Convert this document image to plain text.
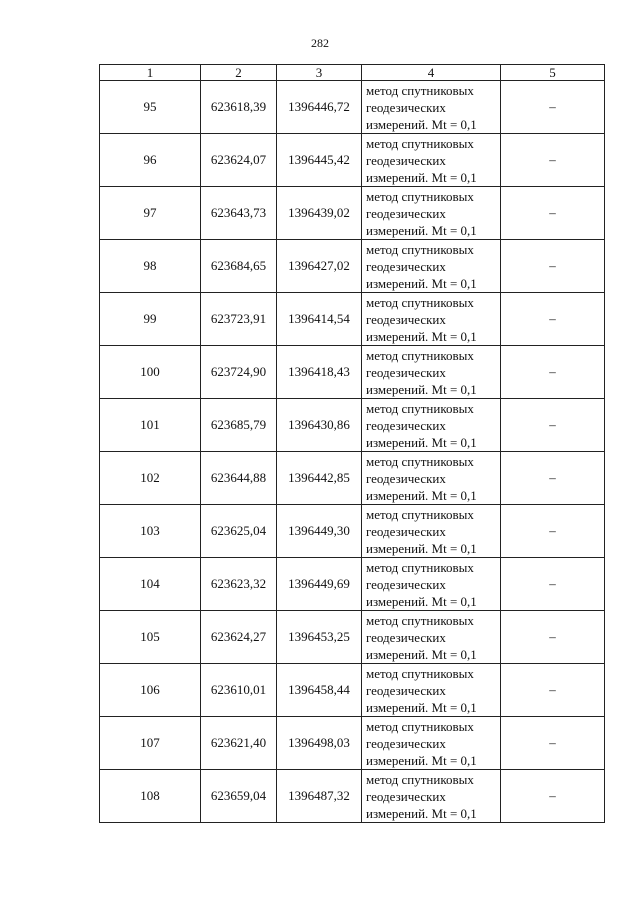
282
1	2	3	4	5
95	623618,39	1396446,72	метод спутниковых
геодезических
измерений. Mt = 0,1	–
96	623624,07	1396445,42	метод спутниковых
геодезических
измерений. Mt = 0,1	–
97	623643,73	1396439,02	метод спутниковых
геодезических
измерений. Mt = 0,1	–
98	623684,65	1396427,02	метод спутниковых
геодезических
измерений. Mt = 0,1	–
99	623723,91	1396414,54	метод спутниковых
геодезических
измерений. Mt = 0,1	–
100	623724,90	1396418,43	метод спутниковых
геодезических
измерений. Mt = 0,1	–
101	623685,79	1396430,86	метод спутниковых
геодезических
измерений. Mt = 0,1	–
102	623644,88	1396442,85	метод спутниковых
геодезических
измерений. Mt = 0,1	–
103	623625,04	1396449,30	метод спутниковых
геодезических
измерений. Mt = 0,1	–
104	623623,32	1396449,69	метод спутниковых
геодезических
измерений. Mt = 0,1	–
105	623624,27	1396453,25	метод спутниковых
геодезических
измерений. Mt = 0,1	–
106	623610,01	1396458,44	метод спутниковых
геодезических
измерений. Mt = 0,1	–
107	623621,40	1396498,03	метод спутниковых
геодезических
измерений. Mt = 0,1	–
108	623659,04	1396487,32	метод спутниковых
геодезических
измерений. Mt = 0,1	–
